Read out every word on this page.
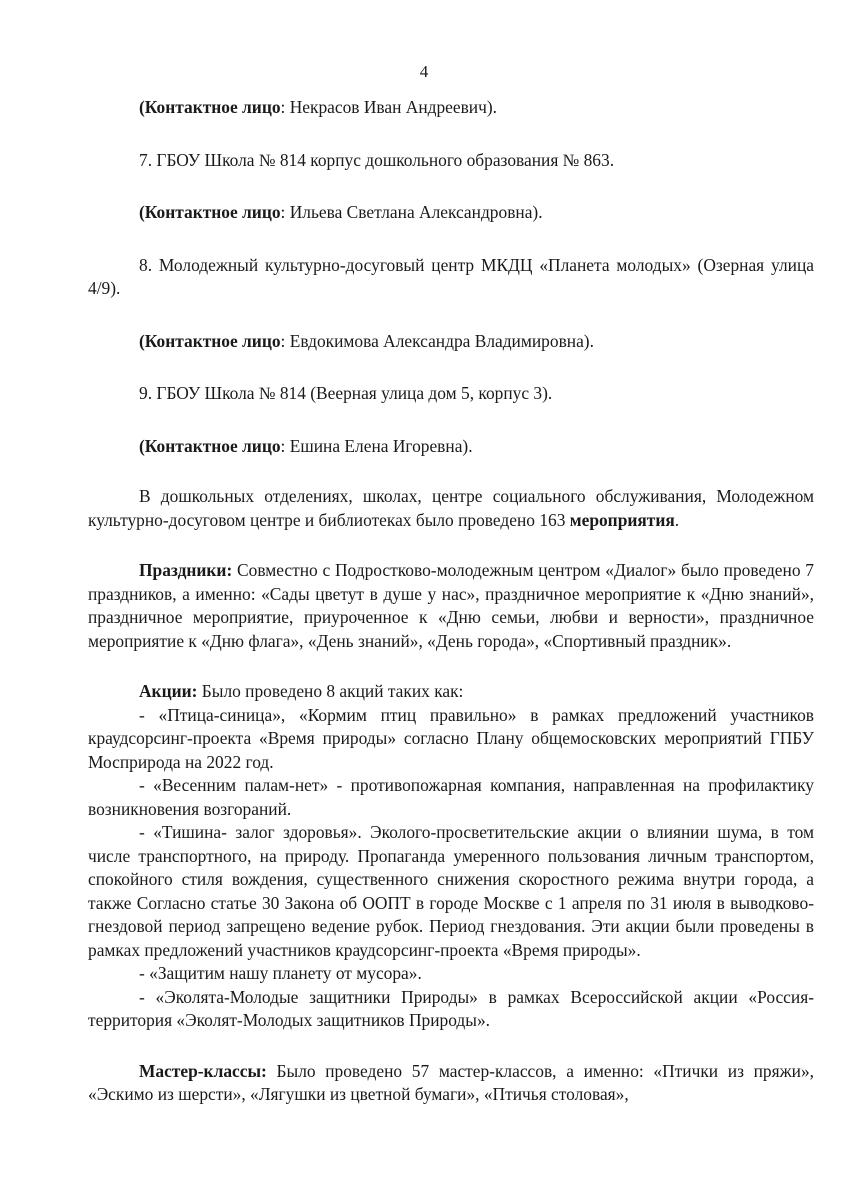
4

(Контактное лицо: Некрасов Иван Андреевич).

7. ГБОУ Школа № 814 корпус дошкольного образования № 863.

(Контактное лицо: Ильева Светлана Александровна).

8. Молодежный культурно-досуговый центр МКДЦ «Планета молодых» (Озерная улица 4/9).

(Контактное лицо: Евдокимова Александра Владимировна).

9. ГБОУ Школа № 814 (Веерная улица дом 5, корпус 3).

(Контактное лицо: Ешина Елена Игоревна).

В дошкольных отделениях, школах, центре социального обслуживания, Молодежном культурно-досуговом центре и библиотеках было проведено 163 мероприятия.

Праздники: Совместно с Подростково-молодежным центром «Диалог» было проведено 7 праздников, а именно: «Сады цветут в душе у нас», праздничное мероприятие к «Дню знаний», праздничное мероприятие, приуроченное к «Дню семьи, любви и верности», праздничное мероприятие к «Дню флага», «День знаний», «День города», «Спортивный праздник».

Акции: Было проведено 8 акций таких как:

- «Птица-синица», «Кормим птиц правильно» в рамках предложений участников краудсорсинг-проекта «Время природы» согласно Плану общемосковских мероприятий ГПБУ Мосприрода на 2022 год.

- «Весенним палам-нет» - противопожарная компания, направленная на профилактику возникновения возгораний.

- «Тишина- залог здоровья». Эколого-просветительские акции о влиянии шума, в том числе транспортного, на природу. Пропаганда умеренного пользования личным транспортом, спокойного стиля вождения, существенного снижения скоростного режима внутри города, а также Согласно статье 30 Закона об ООПТ в городе Москве с 1 апреля по 31 июля в выводково-гнездовой период запрещено ведение рубок. Период гнездования. Эти акции были проведены в рамках предложений участников краудсорсинг-проекта «Время природы».

- «Защитим нашу планету от мусора».

- «Эколята-Молодые защитники Природы» в рамках Всероссийской акции «Россия-территория «Эколят-Молодых защитников Природы».

Мастер-классы: Было проведено 57 мастер-классов, а именно: «Птички из пряжи», «Эскимо из шерсти», «Лягушки из цветной бумаги», «Птичья столовая»,
